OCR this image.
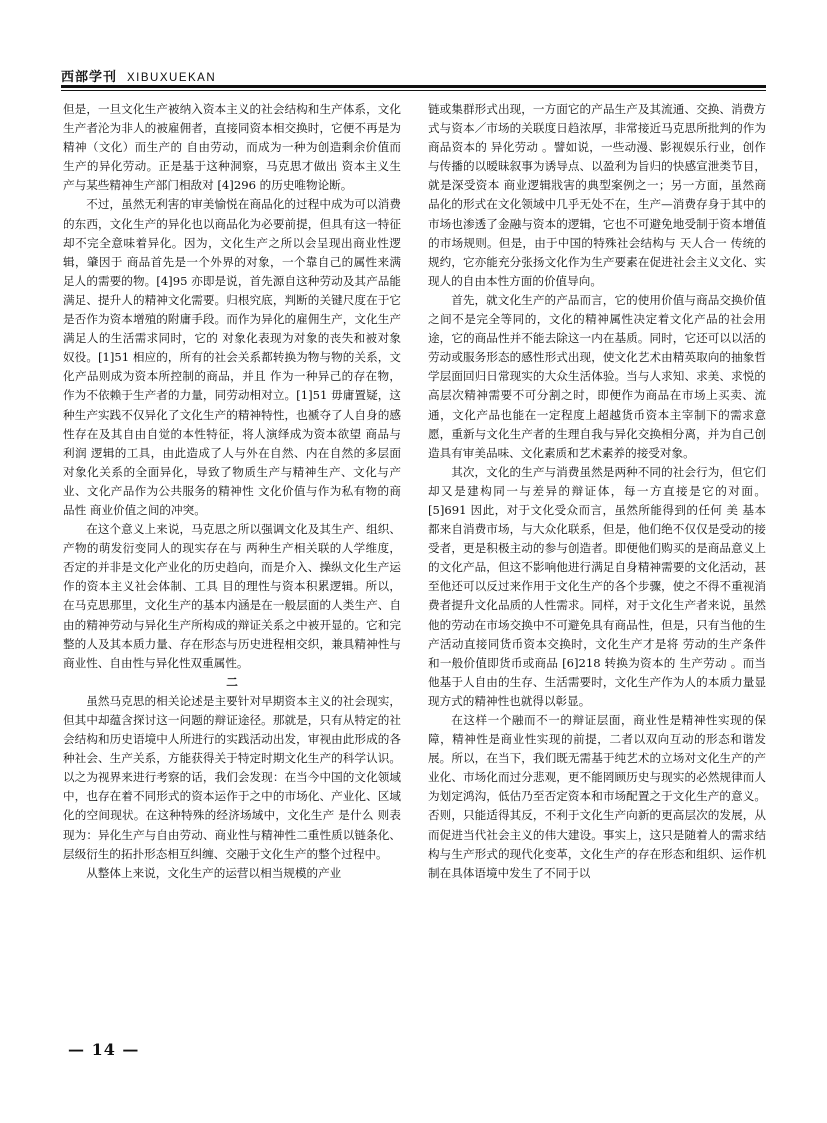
西部学刊 XIBUXUEKAN

但是，一旦文化生产被纳入资本主义的社会结构和生产体系，文化生产者沦为非人的被雇佣者，直接同资本相交换时，它便不再是为精神（文化）而生产的 自由劳动，而成为一种为创造剩余价值而生产的异化劳动。正是基于这种洞察，马克思才做出 资本主义生产与某些精神生产部门相敌对 [4]296 的历史唯物论断。

不过，虽然无利害的审美愉悦在商品化的过程中成为可以消费的东西，文化生产的异化也以商品化为必要前提，但具有这一特征却不完全意味着异化。因为，文化生产之所以会呈现出商业性逻辑，肇因于 商品首先是一个外界的对象，一个靠自己的属性来满足人的需要的物。[4]95 亦即是说，首先源自这种劳动及其产品能满足、提升人的精神文化需要。归根究底，判断的关键尺度在于它是否作为资本增殖的附庸手段。而作为异化的雇佣生产，文化生产满足人的生活需求同时，它的 对象化表现为对象的丧失和被对象奴役。[1]51 相应的，所有的社会关系都转换为物与物的关系，文化产品则成为资本所控制的商品，并且 作为一种异己的存在物，作为不依赖于生产者的力量，同劳动相对立。[1]51 毋庸置疑，这种生产实践不仅异化了文化生产的精神特性，也褫夺了人自身的感性存在及其自由自觉的本性特征，将人演绎成为资本欲望 商品与利润 逻辑的工具，由此造成了人与外在自然、内在自然的多层面对象化关系的全面异化，导致了物质生产与精神生产、文化与产业、文化产品作为公共服务的精神性 文化价值与作为私有物的商品性 商业价值之间的冲突。

在这个意义上来说，马克思之所以强调文化及其生产、组织、产物的萌发衍变同人的现实存在与 两种生产相关联的人学维度，否定的并非是文化产业化的历史趋向，而是介入、操纵文化生产运作的资本主义社会体制、工具 目的理性与资本积累逻辑。所以，在马克思那里，文化生产的基本内涵是在一般层面的人类生产、自由的精神劳动与异化生产所构成的辩证关系之中被开显的。它和完整的人及其本质力量、存在形态与历史进程相交织，兼具精神性与商业性、自由性与异化性双重属性。

二

虽然马克思的相关论述是主要针对早期资本主义的社会现实，但其中却蕴含探讨这一问题的辩证途径。那就是，只有从特定的社会结构和历史语境中人所进行的实践活动出发，审视由此形成的各种社会、生产关系，方能获得关于特定时期文化生产的科学认识。以之为视界来进行考察的话，我们会发现：在当今中国的文化领域中，也存在着不同形式的资本运作于之中的市场化、产业化、区域化的空间现状。在这种特殊的经济场域中，文化生产 是什么 则表现为：异化生产与自由劳动、商业性与精神性二重性质以链条化、层级衍生的拓扑形态相互纠缠、交融于文化生产的整个过程中。

从整体上来说，文化生产的运营以相当规模的产业

链或集群形式出现，一方面它的产品生产及其流通、交换、消费方式与资本／市场的关联度日趋浓厚，非常接近马克思所批判的作为商品资本的 异化劳动 。譬如说，一些动漫、影视娱乐行业，创作与传播的以暧昧叙事为诱导点、以盈利为旨归的快感宣泄类节目，就是深受资本 商业逻辑戕害的典型案例之一；另一方面，虽然商品化的形式在文化领域中几乎无处不在，生产—消费存身于其中的市场也渗透了金融与资本的逻辑，它也不可避免地受制于资本增值的市场规则。但是，由于中国的特殊社会结构与 天人合一 传统的规约，它亦能充分张扬文化作为生产要素在促进社会主义文化、实现人的自由本性方面的价值导向。

首先，就文化生产的产品而言，它的使用价值与商品交换价值之间不是完全等同的，文化的精神属性决定着文化产品的社会用途，它的商品性并不能去除这一内在基质。同时，它还可以以活的劳动或服务形态的感性形式出现，使文化艺术由精英取向的抽象哲学层面回归日常现实的大众生活体验。当与人求知、求美、求悦的高层次精神需要不可分割之时，即便作为商品在市场上买卖、流通，文化产品也能在一定程度上超越货币资本主宰制下的需求意愿，重新与文化生产者的生理自我与异化交换相分离，并为自己创造具有审美品味、文化素质和艺术素养的接受对象。

其次，文化的生产与消费虽然是两种不同的社会行为，但它们却又是建构同一与差异的辩证体，每一方直接是它的对面。[5]691 因此，对于文化受众而言，虽然所能得到的任何 美 基本都来自消费市场，与大众化联系，但是，他们绝不仅仅是受动的接受者，更是积极主动的参与创造者。即便他们购买的是商品意义上的文化产品，但这不影响他进行满足自身精神需要的文化活动，甚至他还可以反过来作用于文化生产的各个步骤，使之不得不重视消费者提升文化品质的人性需求。同样，对于文化生产者来说，虽然他的劳动在市场交换中不可避免具有商品性，但是，只有当他的生产活动直接同货币资本交换时，文化生产才是将 劳动的生产条件和一般价值即货币或商品 [6]218 转换为资本的 生产劳动 。而当他基于人自由的生存、生活需要时，文化生产作为人的本质力量显现方式的精神性也就得以彰显。

在这样一个融而不一的辩证层面，商业性是精神性实现的保障，精神性是商业性实现的前提，二者以双向互动的形态和谐发展。所以，在当下，我们既无需基于纯艺术的立场对文化生产的产业化、市场化而过分悲观，更不能罔顾历史与现实的必然规律而人为划定鸿沟，低估乃至否定资本和市场配置之于文化生产的意义。否则，只能适得其反，不利于文化生产向新的更高层次的发展，从而促进当代社会主义的伟大建设。事实上，这只是随着人的需求结构与生产形式的现代化变革，文化生产的存在形态和组织、运作机制在具体语境中发生了不同于以

— 14 —
